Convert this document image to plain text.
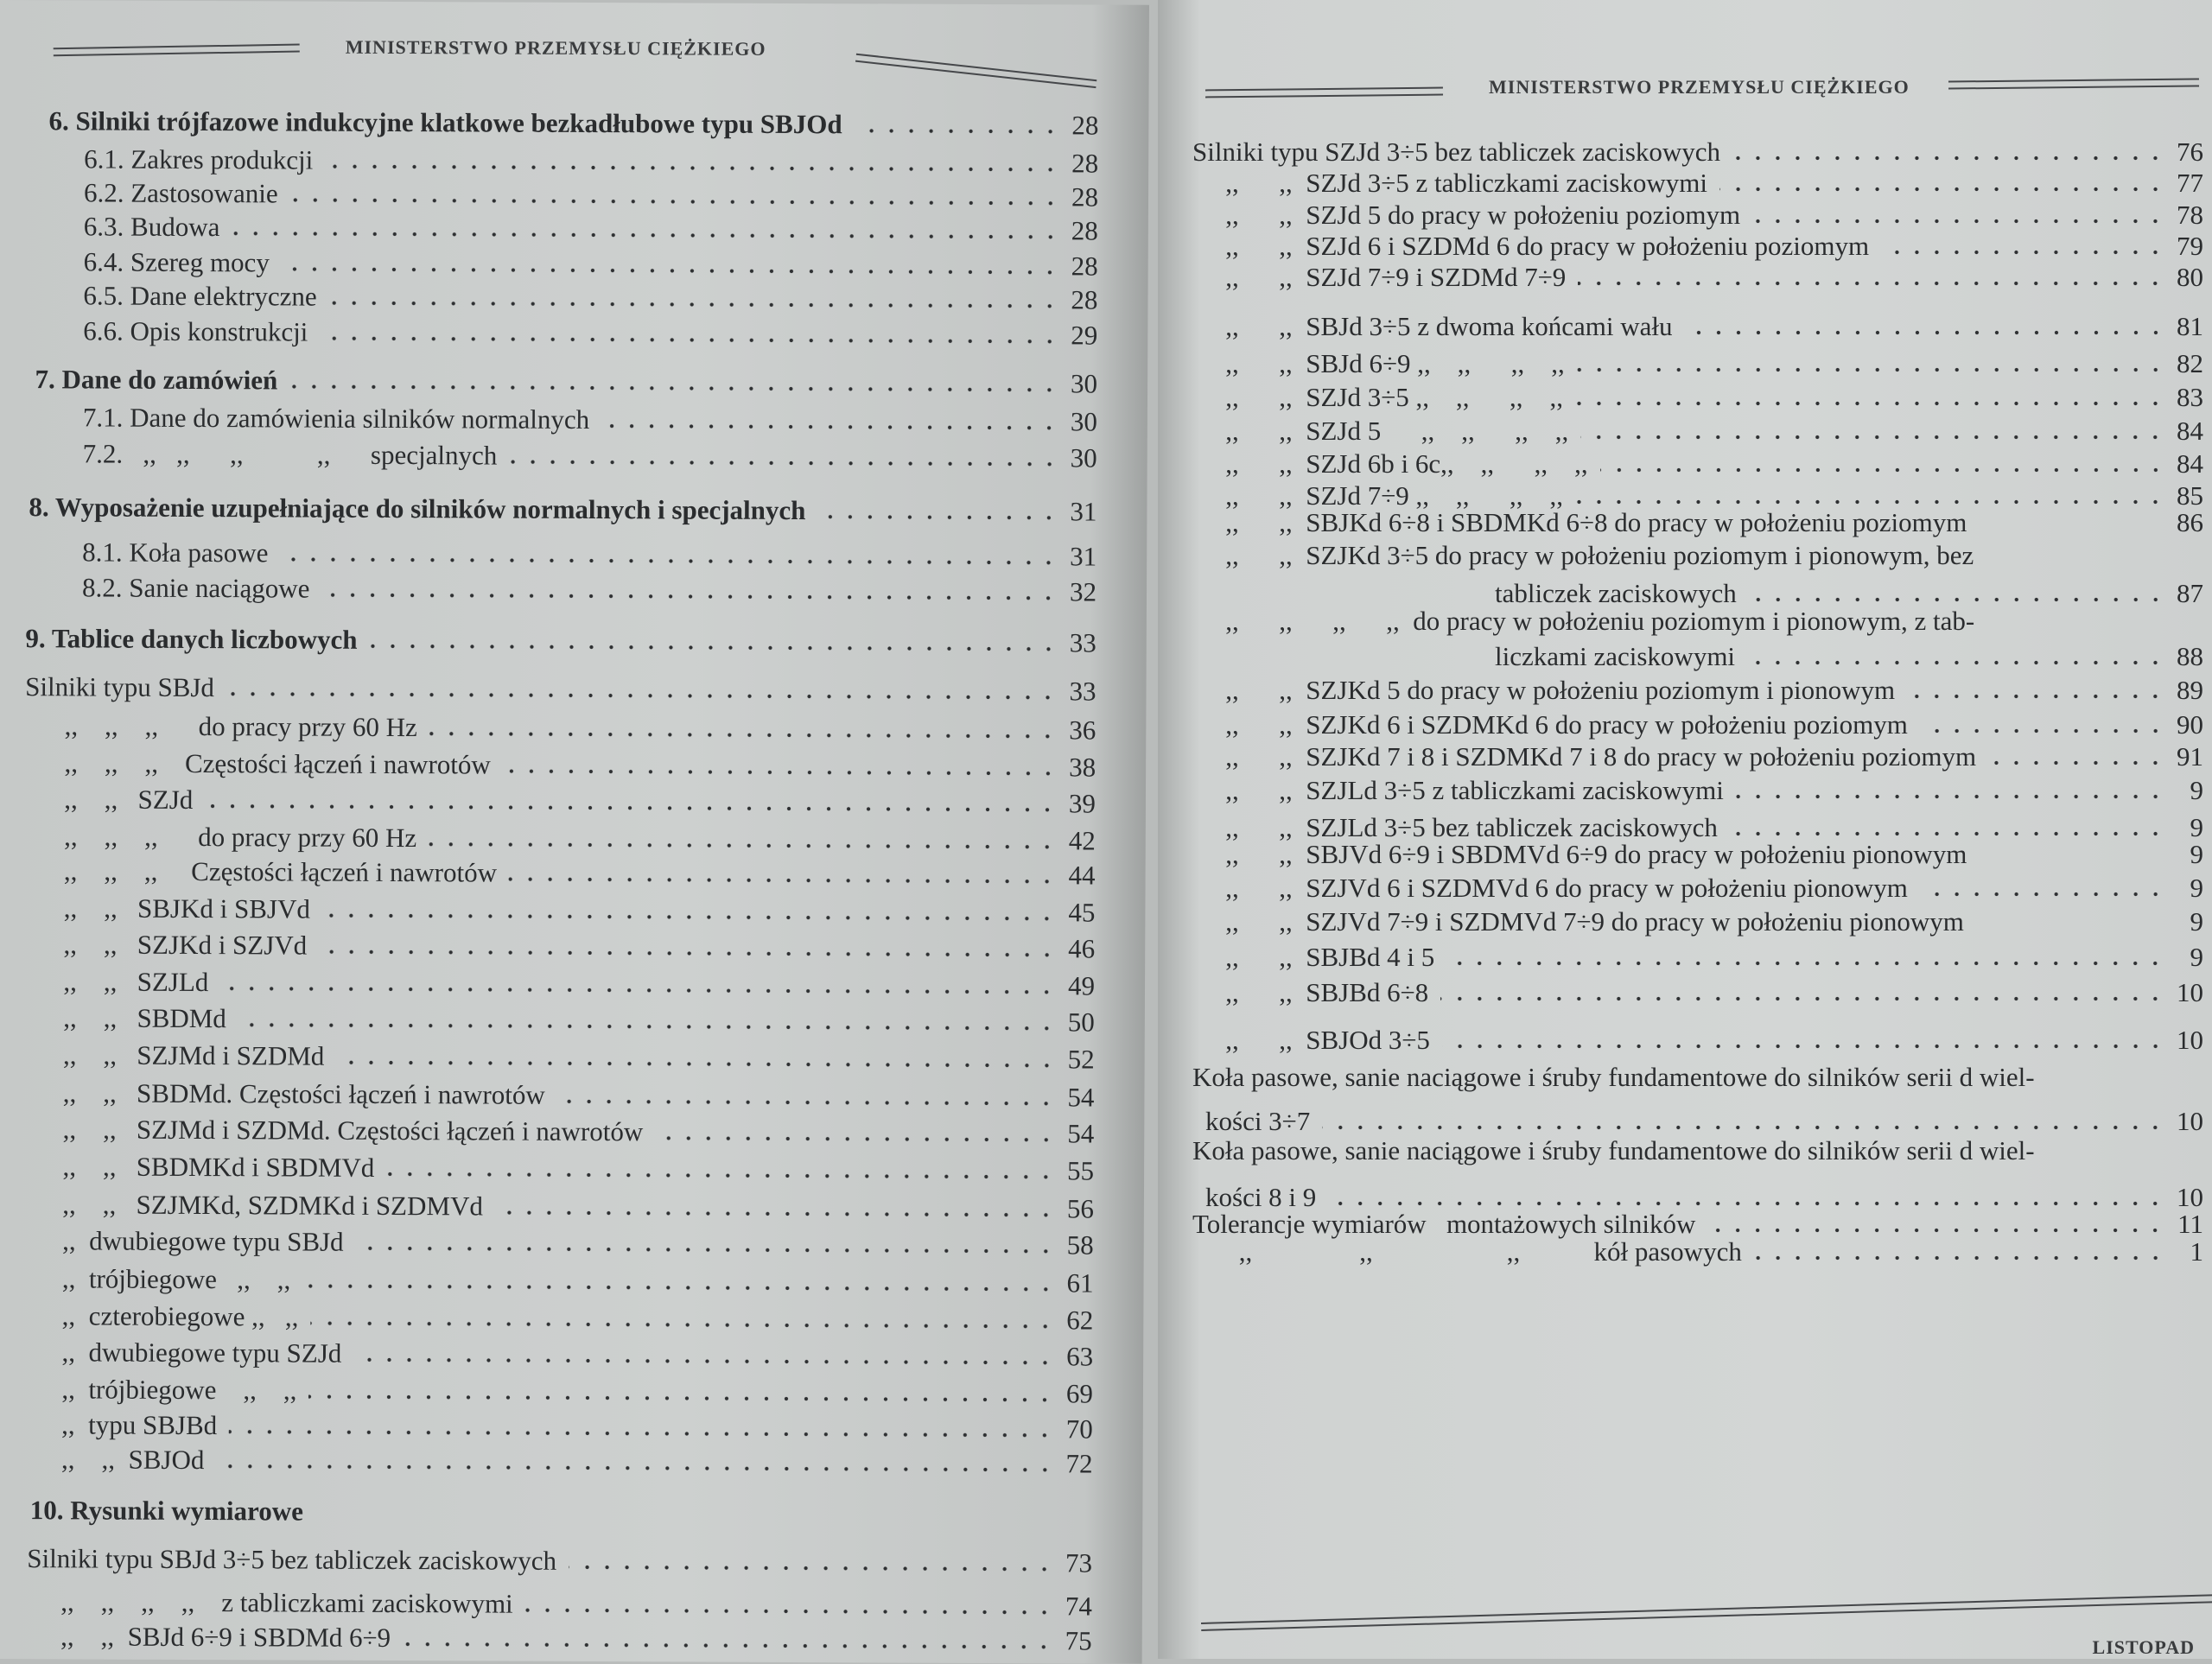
MINISTERSTWO PRZEMYSŁU CIĘŻKIEGO
6. Silniki trójfazowe indukcyjne klatkowe bezkadłubowe typu SBJOd	28
6.1. Zakres produkcji	28
6.2. Zastosowanie	28
6.3. Budowa	28
6.4. Szereg mocy	28
6.5. Dane elektryczne	28
6.6. Opis konstrukcji	29
7. Dane do zamówień	30
7.1. Dane do zamówienia silników normalnych	30
7.2.   ,,   ,,      ,,           ,,      specjalnych	30
8. Wyposażenie uzupełniające do silników normalnych i specjalnych	31
8.1. Koła pasowe	31
8.2. Sanie naciągowe	32
9. Tablice danych liczbowych	33
Silniki typu SBJd	33
,,    ,,    ,,      do pracy przy 60 Hz	36
,,    ,,    ,,    Częstości łączeń i nawrotów	38
,,    ,,   SZJd	39
,,    ,,    ,,      do pracy przy 60 Hz	42
,,    ,,    ,,     Częstości łączeń i nawrotów	44
,,    ,,   SBJKd i SBJVd	45
,,    ,,   SZJKd i SZJVd	46
,,    ,,   SZJLd	49
,,    ,,   SBDMd	50
,,    ,,   SZJMd i SZDMd	52
,,    ,,   SBDMd. Częstości łączeń i nawrotów	54
,,    ,,   SZJMd i SZDMd. Częstości łączeń i nawrotów	54
,,    ,,   SBDMKd i SBDMVd	55
,,    ,,   SZJMKd, SZDMKd i SZDMVd	56
,,  dwubiegowe typu SBJd	58
,,  trójbiegowe   ,,    ,,	61
,,  czterobiegowe ,,   ,,	62
,,  dwubiegowe typu SZJd	63
,,  trójbiegowe    ,,    ,,	69
,,  typu SBJBd	70
,,    ,,  SBJOd	72
10. Rysunki wymiarowe
Silniki typu SBJd 3÷5 bez tabliczek zaciskowych	73
,,    ,,    ,,    ,,    z tabliczkami zaciskowymi	74
,,    ,,  SBJd 6÷9 i SBDMd 6÷9	75
MINISTERSTWO PRZEMYSŁU CIĘŻKIEGO
Silniki typu SZJd 3÷5 bez tabliczek zaciskowych	76
,,      ,,  SZJd 3÷5 z tabliczkami zaciskowymi	77
,,      ,,  SZJd 5 do pracy w położeniu poziomym	78
,,      ,,  SZJd 6 i SZDMd 6 do pracy w położeniu poziomym	79
,,      ,,  SZJd 7÷9 i SZDMd 7÷9	80
,,      ,,  SBJd 3÷5 z dwoma końcami wału	81
,,      ,,  SBJd 6÷9 ,,    ,,      ,,    ,,	82
,,      ,,  SZJd 3÷5 ,,    ,,      ,,    ,,	83
,,      ,,  SZJd 5      ,,    ,,      ,,    ,,	84
,,      ,,  SZJd 6b i 6c,,    ,,      ,,    ,,	84
,,      ,,  SZJd 7÷9 ,,    ,,      ,,    ,,	85
,,      ,,  SBJKd 6÷8 i SBDMKd 6÷8 do pracy w położeniu poziomym	86
,,      ,,  SZJKd 3÷5 do pracy w położeniu poziomym i pionowym, bez
tabliczek zaciskowych	87
,,      ,,      ,,      ,,  do pracy w położeniu poziomym i pionowym, z tab-
liczkami zaciskowymi	88
,,      ,,  SZJKd 5 do pracy w położeniu poziomym i pionowym	89
,,      ,,  SZJKd 6 i SZDMKd 6 do pracy w położeniu poziomym	90
,,      ,,  SZJKd 7 i 8 i SZDMKd 7 i 8 do pracy w położeniu poziomym	91
,,      ,,  SZJLd 3÷5 z tabliczkami zaciskowymi	9
,,      ,,  SZJLd 3÷5 bez tabliczek zaciskowych	9
,,      ,,  SBJVd 6÷9 i SBDMVd 6÷9 do pracy w położeniu pionowym	9
,,      ,,  SZJVd 6 i SZDMVd 6 do pracy w położeniu pionowym	9
,,      ,,  SZJVd 7÷9 i SZDMVd 7÷9 do pracy w położeniu pionowym	9
,,      ,,  SBJBd 4 i 5	9
,,      ,,  SBJBd 6÷8	10
,,      ,,  SBJOd 3÷5	10
Koła pasowe, sanie naciągowe i śruby fundamentowe do silników serii d wiel-
kości 3÷7	10
Koła pasowe, sanie naciągowe i śruby fundamentowe do silników serii d wiel-
kości 8 i 9	10
Tolerancje wymiarów   montażowych silników	11
,,                ,,                    ,,           kół pasowych	1
LISTOPAD
